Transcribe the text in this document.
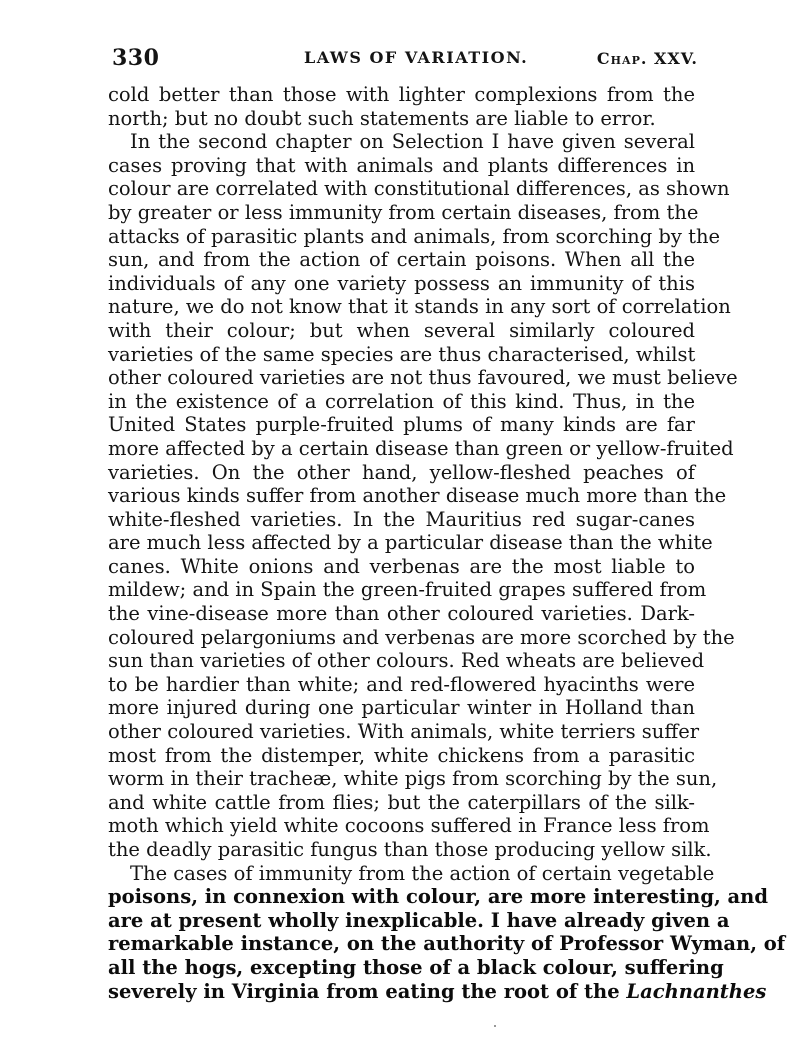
330	LAWS OF VARIATION.	Chap. XXV.
cold better than those with lighter complexions from the
north; but no doubt such statements are liable to error.
In the second chapter on Selection I have given several
cases proving that with animals and plants differences in
colour are correlated with constitutional differences, as shown
by greater or less immunity from certain diseases, from the
attacks of parasitic plants and animals, from scorching by the
sun, and from the action of certain poisons. When all the
individuals of any one variety possess an immunity of this
nature, we do not know that it stands in any sort of correlation
with their colour; but when several similarly coloured
varieties of the same species are thus characterised, whilst
other coloured varieties are not thus favoured, we must believe
in the existence of a correlation of this kind. Thus, in the
United States purple-fruited plums of many kinds are far
more affected by a certain disease than green or yellow-fruited
varieties. On the other hand, yellow-fleshed peaches of
various kinds suffer from another disease much more than the
white-fleshed varieties. In the Mauritius red sugar-canes
are much less affected by a particular disease than the white
canes. White onions and verbenas are the most liable to
mildew; and in Spain the green-fruited grapes suffered from
the vine-disease more than other coloured varieties. Dark-
coloured pelargoniums and verbenas are more scorched by the
sun than varieties of other colours. Red wheats are believed
to be hardier than white; and red-flowered hyacinths were
more injured during one particular winter in Holland than
other coloured varieties. With animals, white terriers suffer
most from the distemper, white chickens from a parasitic
worm in their tracheæ, white pigs from scorching by the sun,
and white cattle from flies; but the caterpillars of the silk-
moth which yield white cocoons suffered in France less from
the deadly parasitic fungus than those producing yellow silk.
The cases of immunity from the action of certain vegetable
poisons, in connexion with colour, are more interesting, and
are at present wholly inexplicable. I have already given a
remarkable instance, on the authority of Professor Wyman, of
all the hogs, excepting those of a black colour, suffering
severely in Virginia from eating the root of the Lachnanthes
